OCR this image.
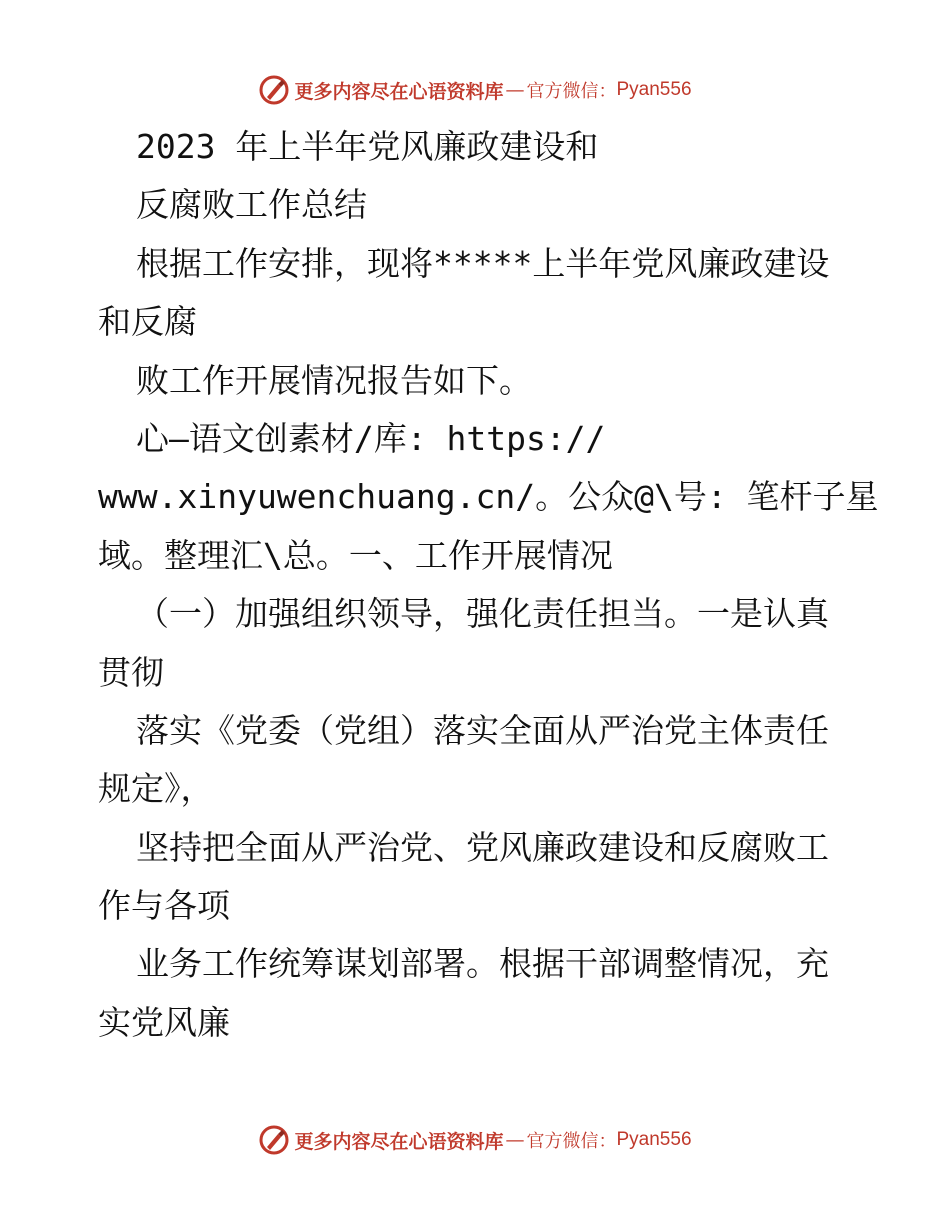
更多内容尽在心语资料库 — 官方微信： Pyan556
2023 年上半年党风廉政建设和
反腐败工作总结
根据工作安排，现将*****上半年党风廉政建设
和反腐
败工作开展情况报告如下。
心—语文创素材/库: https://
www.xinyuwenchuang.cn/。公众@\号: 笔杆子星
域。整理汇\总。一、工作开展情况
（一）加强组织领导，强化责任担当。一是认真
贯彻
落实《党委（党组）落实全面从严治党主体责任
规定》，
坚持把全面从严治党、党风廉政建设和反腐败工
作与各项
业务工作统筹谋划部署。根据干部调整情况，充
实党风廉
更多内容尽在心语资料库 — 官方微信： Pyan556
